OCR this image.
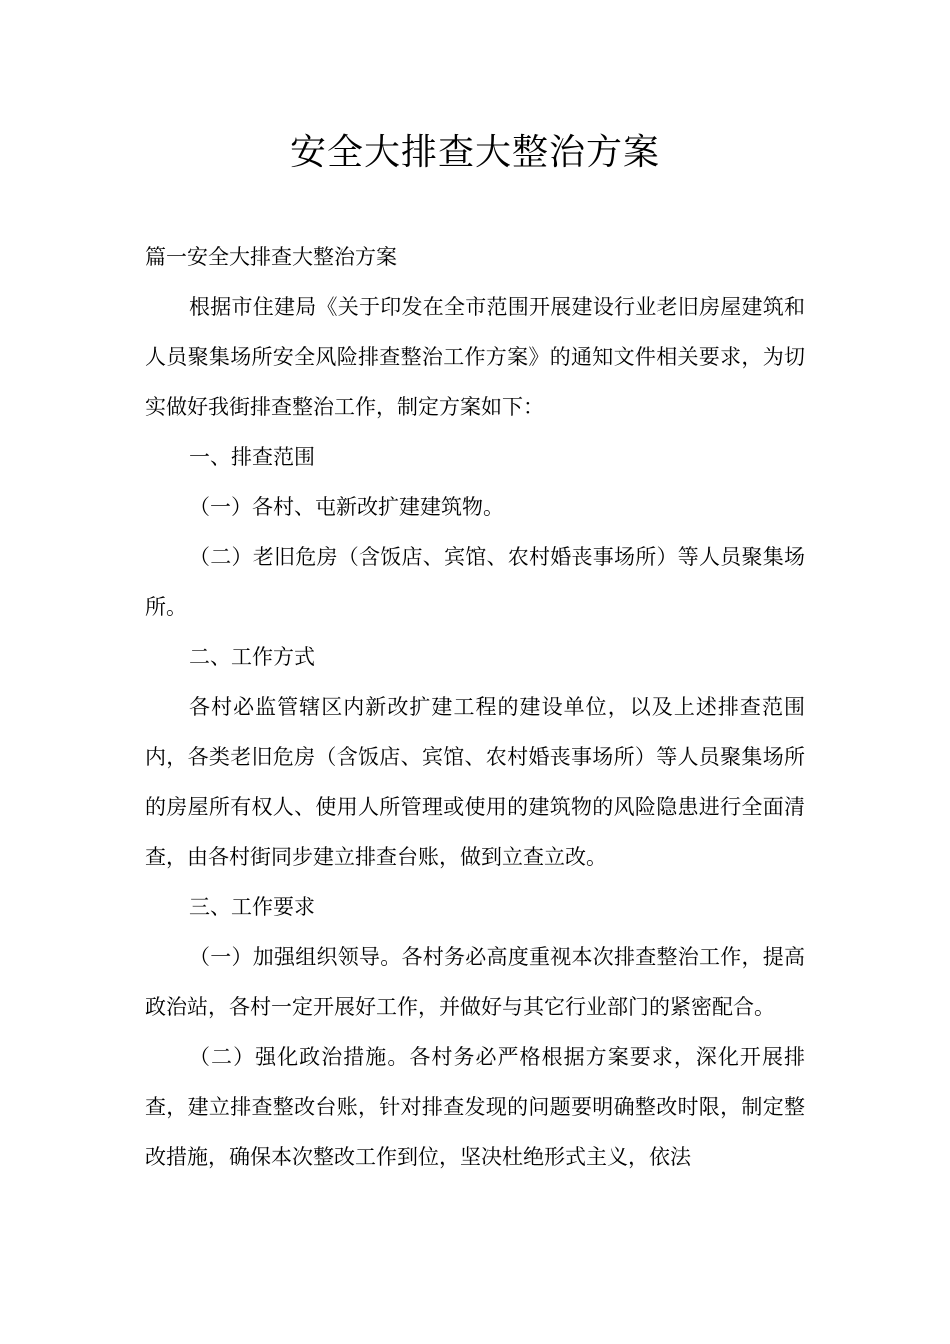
安全大排查大整治方案

篇一安全大排查大整治方案

根据市住建局《关于印发在全市范围开展建设行业老旧房屋建筑和人员聚集场所安全风险排查整治工作方案》的通知文件相关要求，为切实做好我街排查整治工作，制定方案如下：

一、排查范围

（一）各村、屯新改扩建建筑物。

（二）老旧危房（含饭店、宾馆、农村婚丧事场所）等人员聚集场所。

二、工作方式

各村必监管辖区内新改扩建工程的建设单位，以及上述排查范围内，各类老旧危房（含饭店、宾馆、农村婚丧事场所）等人员聚集场所的房屋所有权人、使用人所管理或使用的建筑物的风险隐患进行全面清查，由各村街同步建立排查台账，做到立查立改。

三、工作要求

（一）加强组织领导。各村务必高度重视本次排查整治工作，提高政治站，各村一定开展好工作，并做好与其它行业部门的紧密配合。

（二）强化政治措施。各村务必严格根据方案要求，深化开展排查，建立排查整改台账，针对排查发现的问题要明确整改时限，制定整改措施，确保本次整改工作到位，坚决杜绝形式主义，依法
